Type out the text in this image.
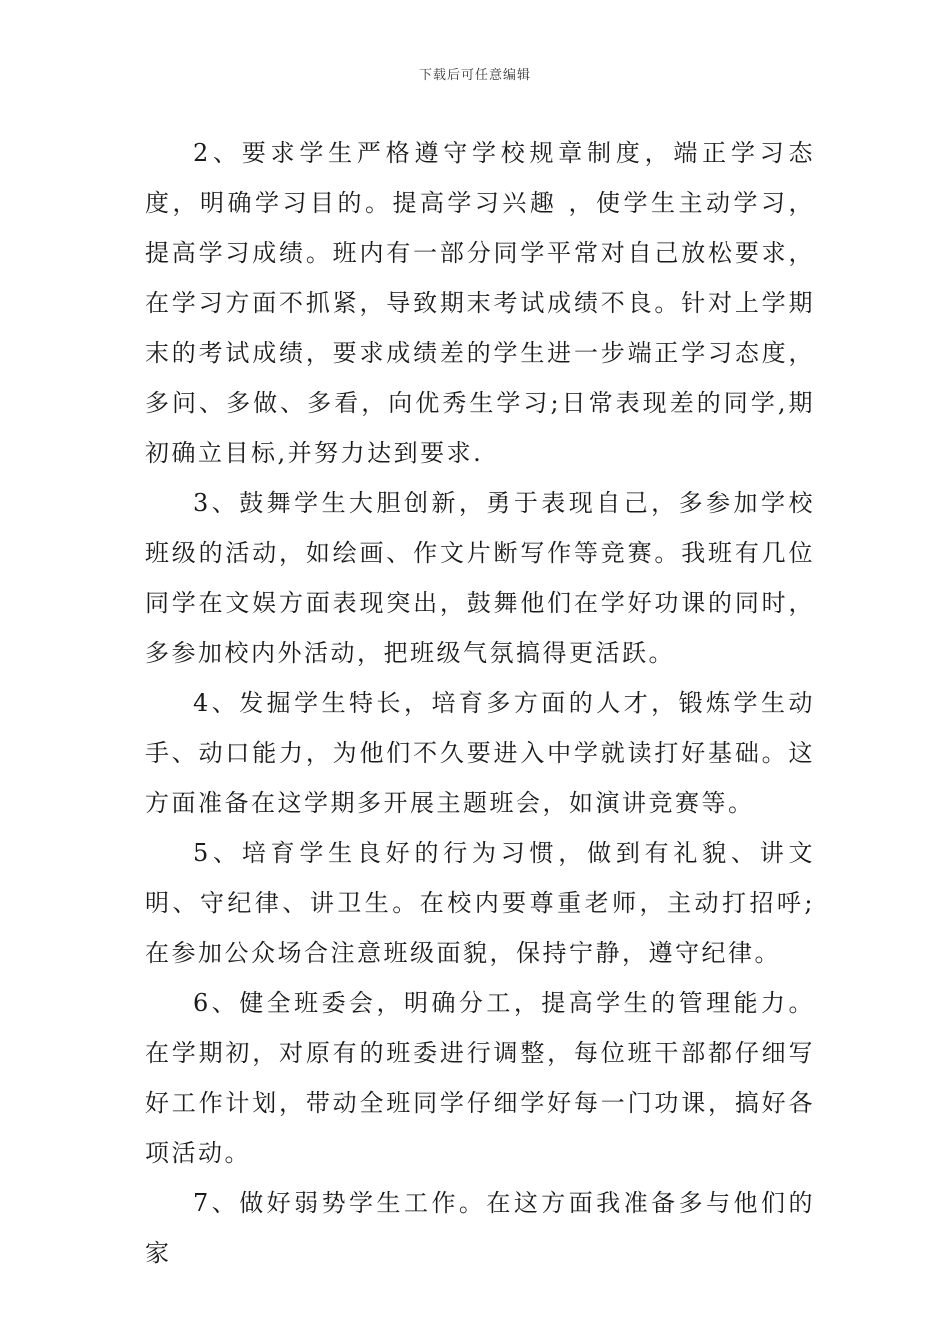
下载后可任意编辑

2、要求学生严格遵守学校规章制度，端正学习态度，明确学习目的。提高学习兴趣 ，使学生主动学习，提高学习成绩。班内有一部分同学平常对自己放松要求，在学习方面不抓紧，导致期末考试成绩不良。针对上学期末的考试成绩，要求成绩差的学生进一步端正学习态度，多问、多做、多看，向优秀生学习;日常表现差的同学,期初确立目标,并努力达到要求.

3、鼓舞学生大胆创新，勇于表现自己，多参加学校班级的活动，如绘画、作文片断写作等竞赛。我班有几位同学在文娱方面表现突出，鼓舞他们在学好功课的同时，多参加校内外活动，把班级气氛搞得更活跃。

4、发掘学生特长，培育多方面的人才，锻炼学生动手、动口能力，为他们不久要进入中学就读打好基础。这方面准备在这学期多开展主题班会，如演讲竞赛等。

5、培育学生良好的行为习惯，做到有礼貌、讲文明、守纪律、讲卫生。在校内要尊重老师，主动打招呼;在参加公众场合注意班级面貌，保持宁静，遵守纪律。

6、健全班委会，明确分工，提高学生的管理能力。在学期初，对原有的班委进行调整，每位班干部都仔细写好工作计划，带动全班同学仔细学好每一门功课，搞好各项活动。

7、做好弱势学生工作。在这方面我准备多与他们的家
